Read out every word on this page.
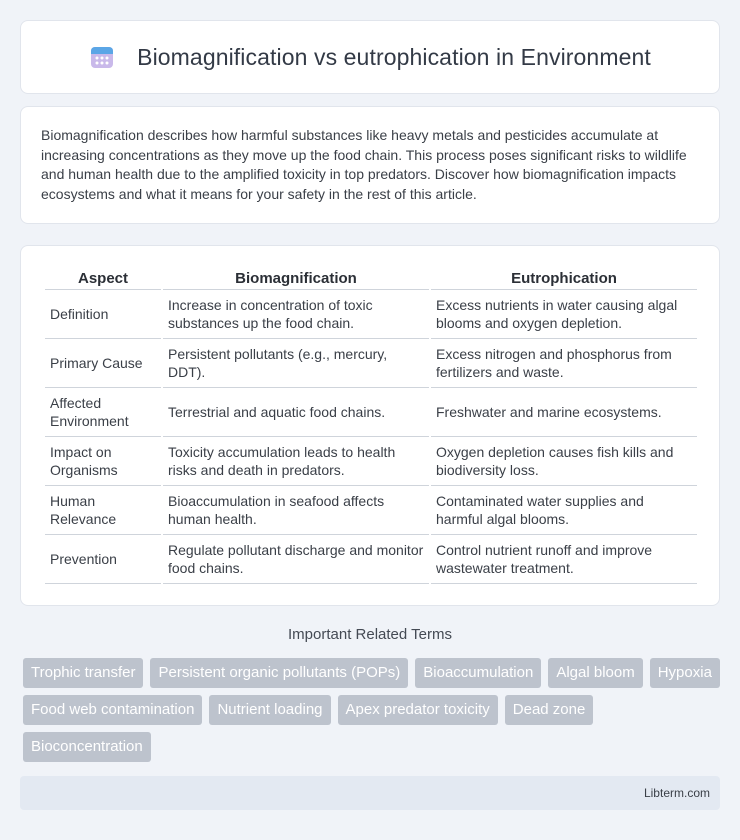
Biomagnification vs eutrophication in Environment

Biomagnification describes how harmful substances like heavy metals and pesticides accumulate at increasing concentrations as they move up the food chain. This process poses significant risks to wildlife and human health due to the amplified toxicity in top predators. Discover how biomagnification impacts ecosystems and what it means for your safety in the rest of this article.

Aspect	Biomagnification	Eutrophication
Definition	Increase in concentration of toxic substances up the food chain.	Excess nutrients in water causing algal blooms and oxygen depletion.
Primary Cause	Persistent pollutants (e.g., mercury, DDT).	Excess nitrogen and phosphorus from fertilizers and waste.
Affected Environment	Terrestrial and aquatic food chains.	Freshwater and marine ecosystems.
Impact on Organisms	Toxicity accumulation leads to health risks and death in predators.	Oxygen depletion causes fish kills and biodiversity loss.
Human Relevance	Bioaccumulation in seafood affects human health.	Contaminated water supplies and harmful algal blooms.
Prevention	Regulate pollutant discharge and monitor food chains.	Control nutrient runoff and improve wastewater treatment.
Important Related Terms
Trophic transfer	Persistent organic pollutants (POPs)	Bioaccumulation	Algal bloom	Hypoxia
Food web contamination	Nutrient loading	Apex predator toxicity	Dead zone
Bioconcentration
Libterm.com
